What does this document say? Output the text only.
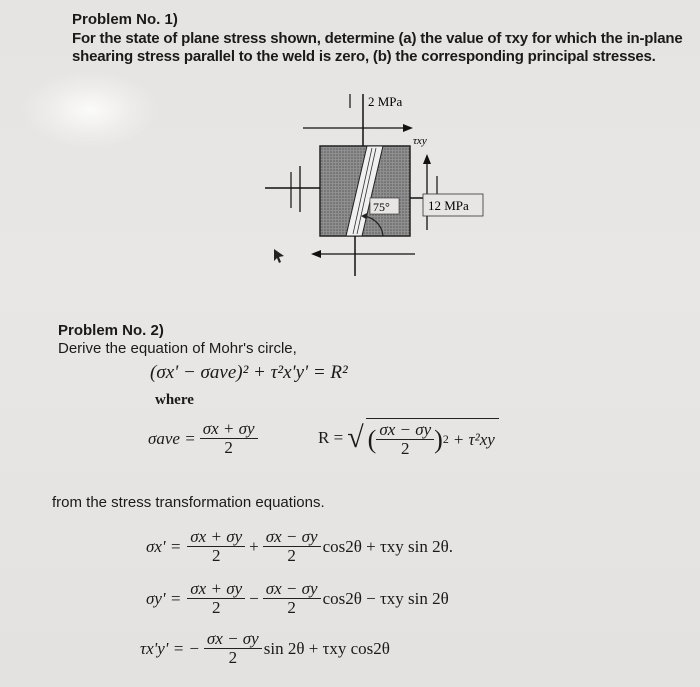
Problem No. 1)
For the state of plane stress shown, determine (a) the value of τxy for which the in-plane
shearing stress parallel to the weld is zero, (b) the corresponding principal stresses.
2 MPa
τxy
12 MPa
75°
Problem No. 2)
Derive the equation of Mohr's circle,
(σx' − σave)² + τ²x'y' = R²
where
$\sigma ave = \frac{\sigma x + \sigma y}{2}$	R = √ ( $\frac{\sigma x - \sigma y}{2}$ ) 2 + τ²xy
from the stress transformation equations.
$\sigma x' = \frac{\sigma x + \sigma y}{2} + \frac{\sigma x - \sigma y}{2} \cos 2\theta + \tau xy$ sin 2θ.
$\sigma y' = \frac{\sigma x + \sigma y}{2} - \frac{\sigma x - \sigma y}{2} \cos 2\theta - \tau xy$ sin 2θ
τx'y' = − $\frac{\sigma x - \sigma y}{2}$ sin 2θ + τxy cos2θ
